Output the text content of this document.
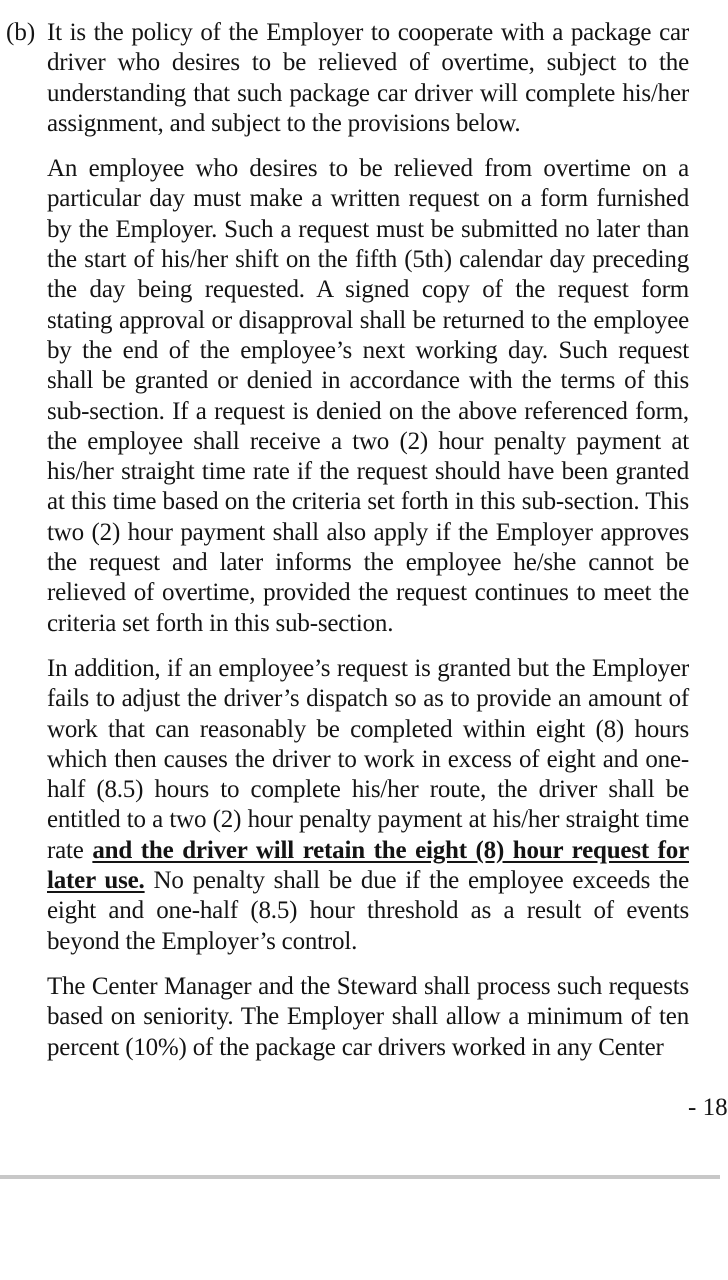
(b) It is the policy of the Employer to cooperate with a package car driver who desires to be relieved of overtime, subject to the understanding that such package car driver will complete his/her assignment, and subject to the provisions below.

An employee who desires to be relieved from overtime on a particular day must make a written request on a form furnished by the Employer. Such a request must be submitted no later than the start of his/her shift on the fifth (5th) calendar day preceding the day being requested. A signed copy of the request form stating approval or disapproval shall be returned to the employee by the end of the employee’s next working day. Such request shall be granted or denied in accordance with the terms of this sub-section. If a request is denied on the above referenced form, the employee shall receive a two (2) hour penalty payment at his/her straight time rate if the request should have been granted at this time based on the criteria set forth in this sub-section. This two (2) hour payment shall also apply if the Employer approves the request and later informs the employee he/she cannot be relieved of overtime, provided the request continues to meet the criteria set forth in this sub-section.

In addition, if an employee’s request is granted but the Employer fails to adjust the driver’s dispatch so as to provide an amount of work that can reasonably be completed within eight (8) hours which then causes the driver to work in excess of eight and one-half (8.5) hours to complete his/her route, the driver shall be entitled to a two (2) hour penalty payment at his/her straight time rate and the driver will retain the eight (8) hour request for later use. No penalty shall be due if the employee exceeds the eight and one-half (8.5) hour threshold as a result of events beyond the Employer’s control.

The Center Manager and the Steward shall process such requests based on seniority. The Employer shall allow a minimum of ten percent (10%) of the package car drivers worked in any Center

- 18
